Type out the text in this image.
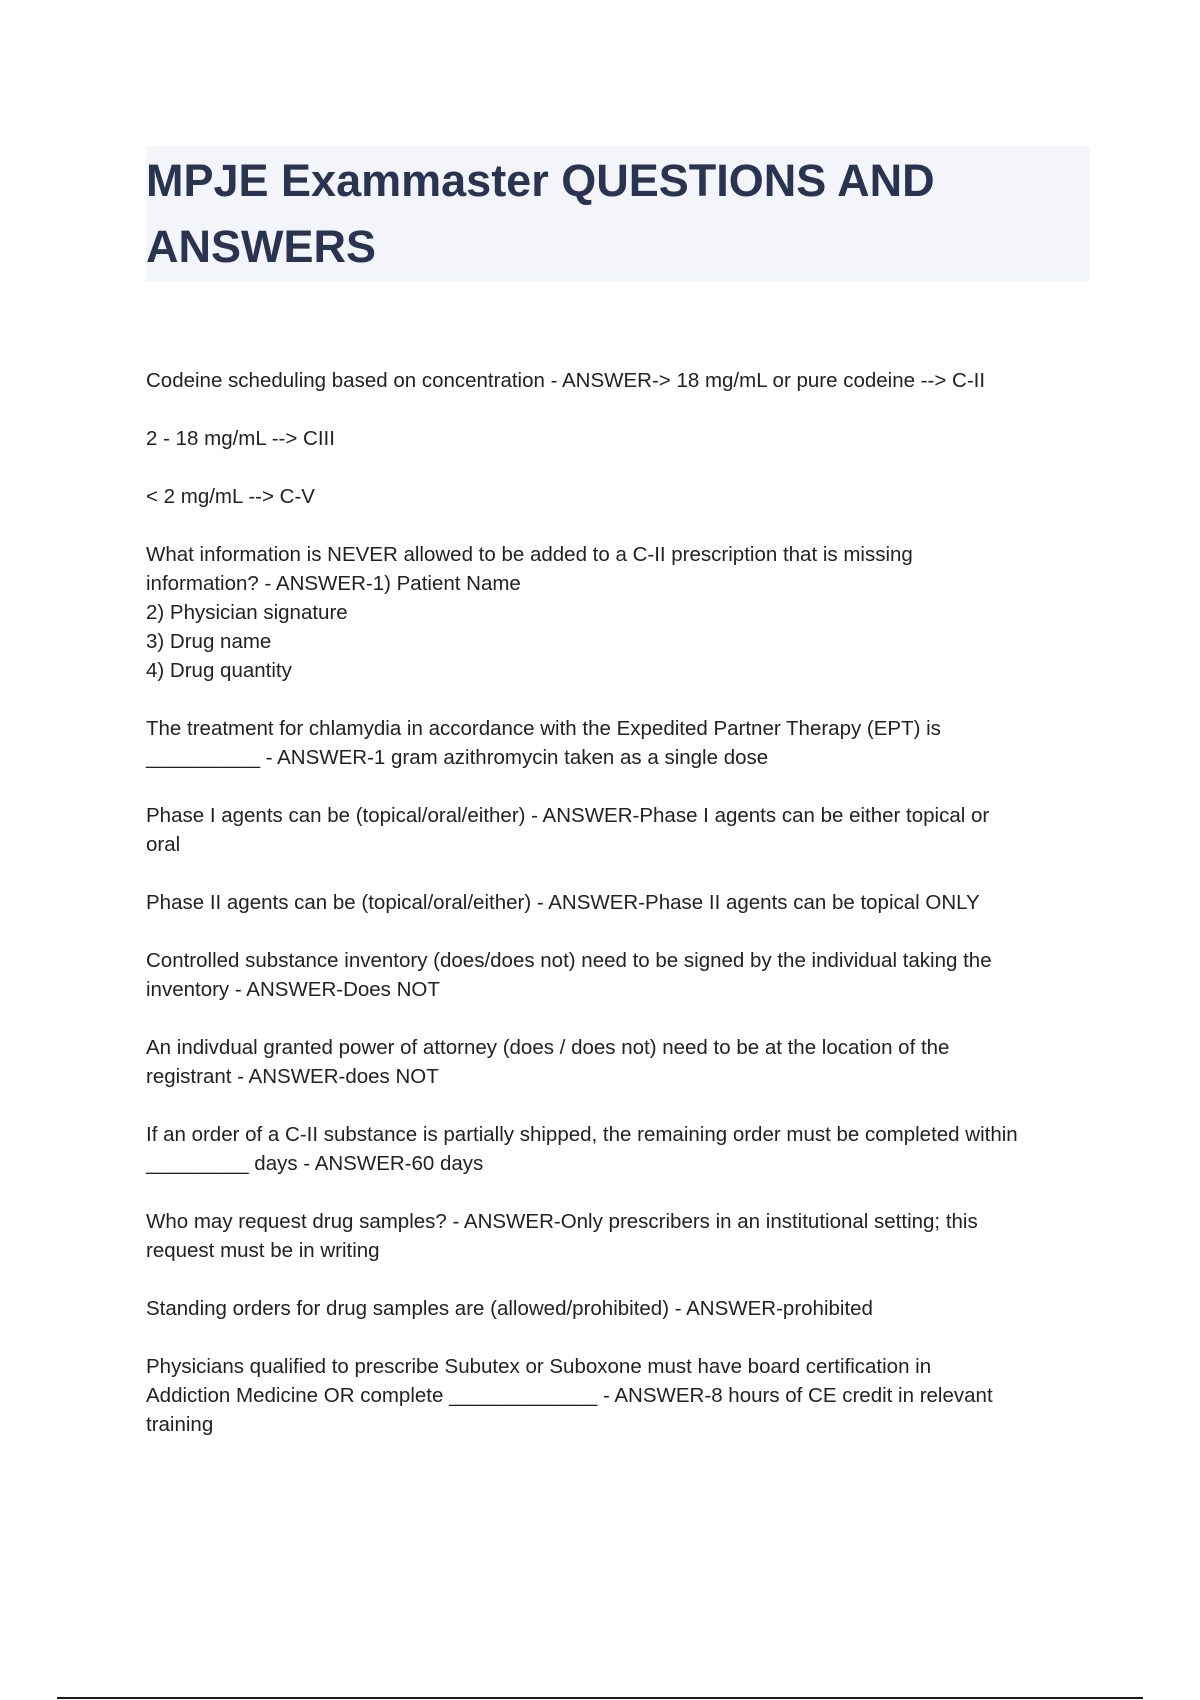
MPJE Exammaster QUESTIONS AND ANSWERS

Codeine scheduling based on concentration - ANSWER-> 18 mg/mL or pure codeine --> C-II

2 - 18 mg/mL --> CIII

< 2 mg/mL --> C-V

What information is NEVER allowed to be added to a C-II prescription that is missing
information? - ANSWER-1) Patient Name
2) Physician signature
3) Drug name
4) Drug quantity

The treatment for chlamydia in accordance with the Expedited Partner Therapy (EPT) is
__________ - ANSWER-1 gram azithromycin taken as a single dose

Phase I agents can be (topical/oral/either) - ANSWER-Phase I agents can be either topical or
oral

Phase II agents can be (topical/oral/either) - ANSWER-Phase II agents can be topical ONLY

Controlled substance inventory (does/does not) need to be signed by the individual taking the
inventory - ANSWER-Does NOT

An indivdual granted power of attorney (does / does not) need to be at the location of the
registrant - ANSWER-does NOT

If an order of a C-II substance is partially shipped, the remaining order must be completed within
_________ days - ANSWER-60 days

Who may request drug samples? - ANSWER-Only prescribers in an institutional setting; this
request must be in writing

Standing orders for drug samples are (allowed/prohibited) - ANSWER-prohibited

Physicians qualified to prescribe Subutex or Suboxone must have board certification in
Addiction Medicine OR complete _____________ - ANSWER-8 hours of CE credit in relevant
training
